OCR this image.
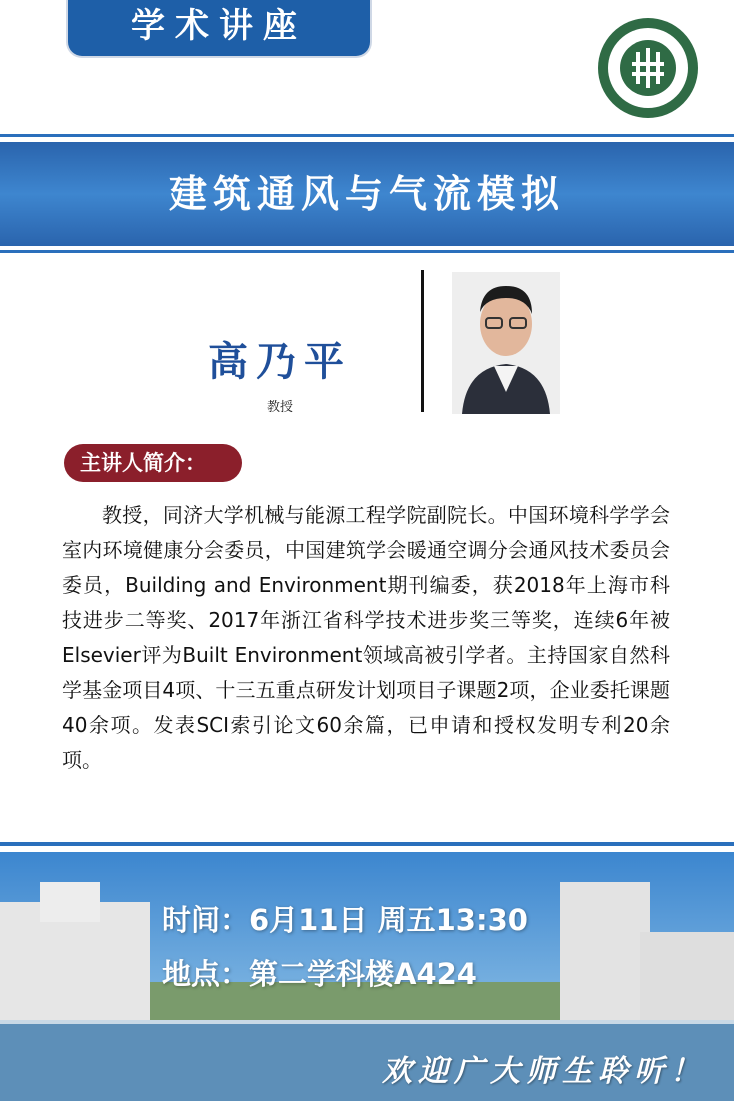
学术讲座
建筑通风与气流模拟
高乃平
教授
主讲人简介：
教授，同济大学机械与能源工程学院副院长。中国环境科学学会室内环境健康分会委员，中国建筑学会暖通空调分会通风技术委员会委员，Building and Environment期刊编委，获2018年上海市科技进步二等奖、2017年浙江省科学技术进步奖三等奖，连续6年被Elsevier评为Built Environment领域高被引学者。主持国家自然科学基金项目4项、十三五重点研发计划项目子课题2项，企业委托课题40余项。发表SCI索引论文60余篇，已申请和授权发明专利20余项。
时间：6月11日 周五13:30
地点：第二学科楼A424
欢迎广大师生聆听！
